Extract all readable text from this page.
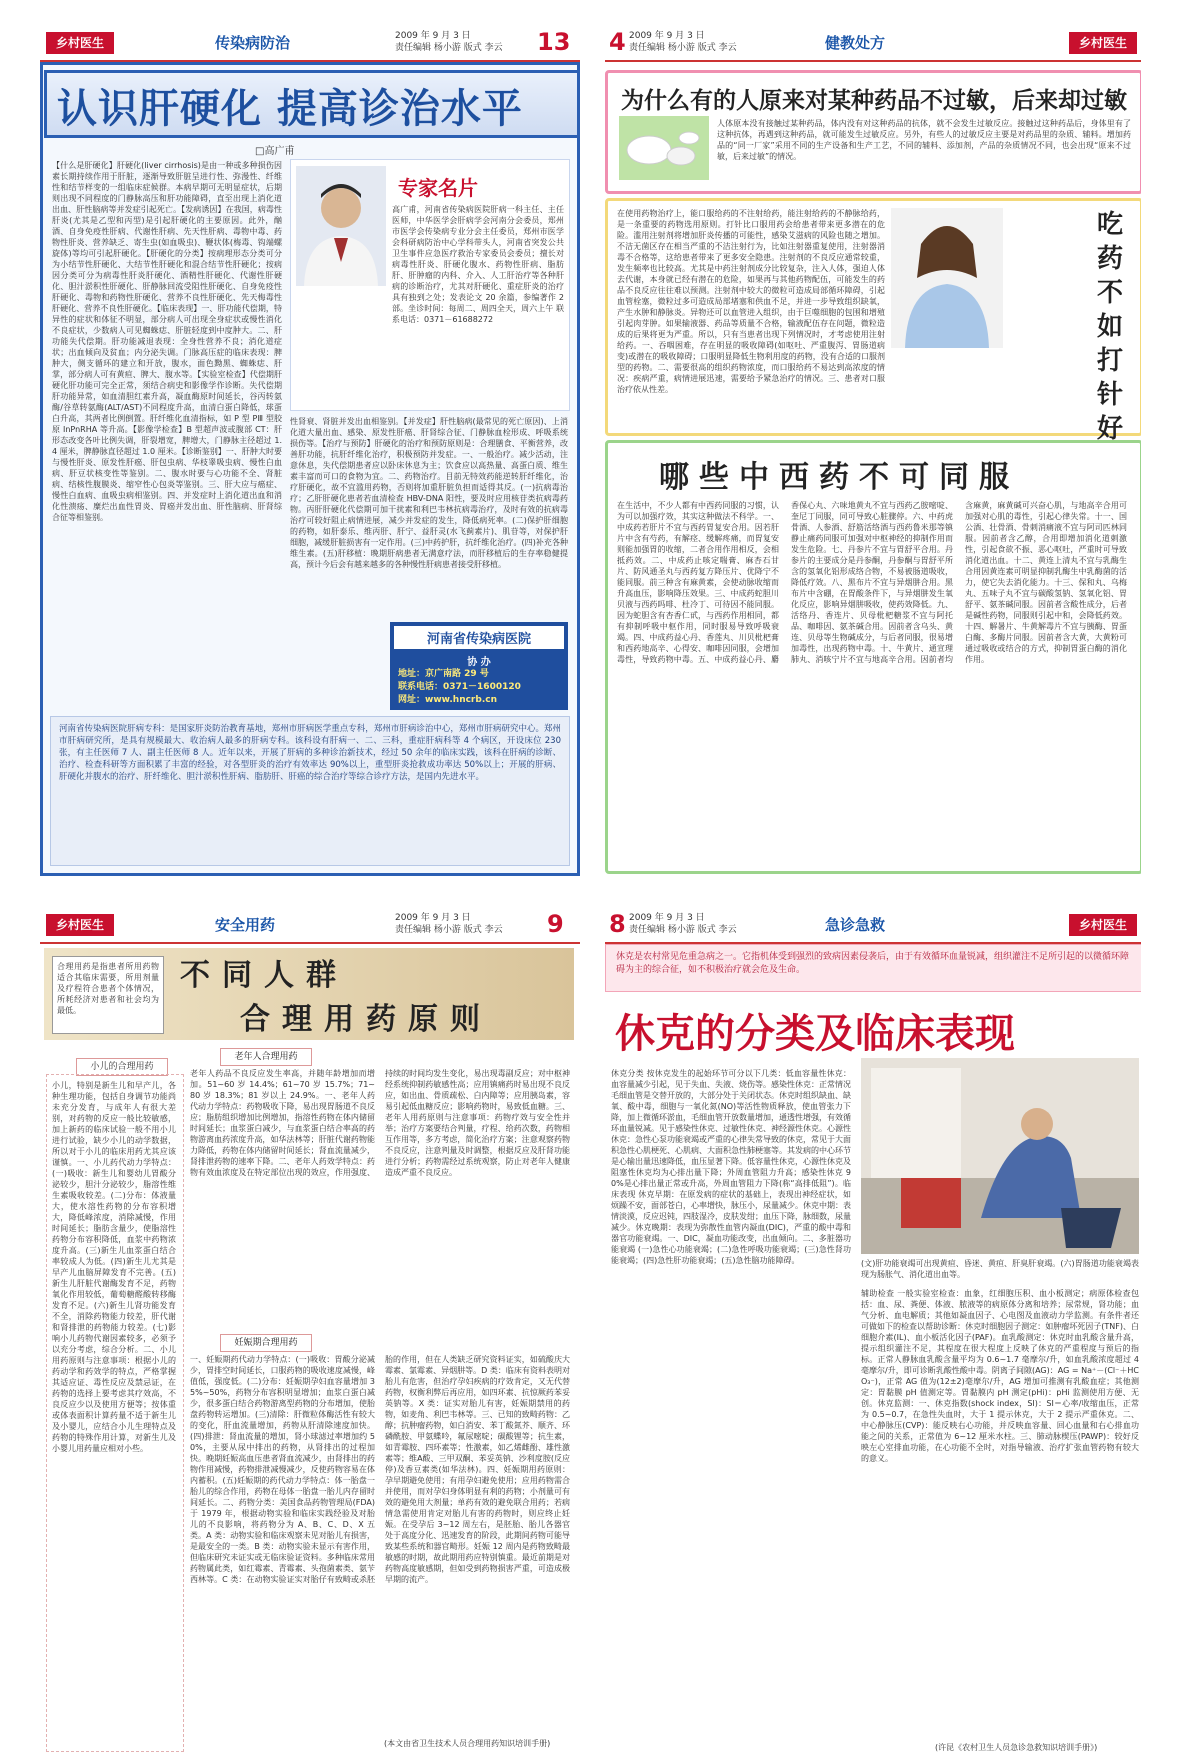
乡村医生	传染病防治	2009 年 9 月 3 日
责任编辑 杨小游 版式 李云	13
认识肝硬化 提高诊治水平
□高广甫
【什么是肝硬化】肝硬化(liver cirrhosis)是由一种或多种损伤因素长期持续作用于肝脏，逐渐导致肝脏呈进行性、弥漫性、纤维性和结节样变的一组临床症候群。本病早期可无明显症状，后期则出现不同程度的门静脉高压和肝功能障碍，直至出现上消化道出血、肝性脑病等并发症引起死亡。【发病诱因】在我国，病毒性肝炎(尤其是乙型和丙型)是引起肝硬化的主要原因。此外，酗酒、自身免疫性肝病、代谢性肝病、先天性肝病、毒物中毒、药物性肝炎、营养缺乏、寄生虫(如血吸虫)、鞭状体(梅毒、钩端螺旋体)等均可引起肝硬化。【肝硬化的分类】按病理形态分类可分为小结节性肝硬化、大结节性肝硬化和混合结节性肝硬化；按病因分类可分为病毒性肝炎肝硬化、酒精性肝硬化、代谢性肝硬化、胆汁淤积性肝硬化、肝静脉回流受阻性肝硬化、自身免疫性肝硬化、毒物和药物性肝硬化、营养不良性肝硬化、先天梅毒性肝硬化、营养不良性肝硬化。【临床表现】一、肝功能代偿期，特异性的症状和体征不明显，部分病人可出现全身症状或慢性消化不良症状，少数病人可见蜘蛛痣、肝脏轻度到中度肿大。二、肝功能失代偿期。肝功能减退表现：全身性营养不良；消化道症状；出血倾向及贫血；内分泌失调。门脉高压症的临床表现：脾肿大，侧支循环的建立和开放，腹水，面色黝黑、蜘蛛痣、肝掌，部分病人可有黄疸、脾大、腹水等。【实验室检查】代偿期肝硬化肝功能可完全正常，须结合病史和影像学作诊断。失代偿期肝功能异常，如血清胆红素升高，凝血酶原时间延长，谷丙转氨酶/谷草转氨酶(ALT/AST)不同程度升高，血清白蛋白降低，球蛋白升高，其两者比例倒置。肝纤维化血清指标，如 P 型 PⅢ 型胶原 InPnRHA 等升高。【影像学检查】B 型超声波或腹部 CT：肝形态改变各叶比例失调，肝裂增宽，脾增大，门静脉主径超过 1.4 厘米，脾静脉直径超过 1.0 厘米。【诊断鉴别】一、肝肿大时要与慢性肝炎、原发性肝癌、肝包虫病、华枝睾吸虫病、慢性白血病、肝豆状核变性等鉴别。二、腹水时要与心功能不全、肾脏病、结核性腹膜炎、缩窄性心包炎等鉴别。三、肝大应与癌症、慢性白血病、血吸虫病相鉴别。四、并发症时上消化道出血和消化性溃疡、糜烂出血性胃炎、胃癌并发出血、肝性脑病、肝肾综合征等相鉴别。
专家名片
高广甫，河南省传染病医院肝病一科主任、主任医师，中华医学会肝病学会河南分会委员，郑州市医学会传染病专业分会主任委员，郑州市医学会科研病防治中心学科带头人，河南省突发公共卫生事件应急医疗救治专家委员会委员；擅长对病毒性肝炎、肝硬化腹水、药物性肝病、脂肪肝、肝肿瘤的内科、介入、人工肝治疗等各种肝病的诊断治疗，尤其对肝硬化、重症肝炎的治疗具有独到之处；发表论文 20 余篇，参编著作 2 部。坐诊时间：每周二、周四全天，周六上午 联系电话：0371－61688272
性肾衰、肾脏并发出血相鉴别。【并发症】肝性脑病(最常见的死亡原因)、上消化道大量出血、感染、原发性肝癌、肝肾综合征、门静脉血栓形成、呼吸系统损伤等。【治疗与预防】肝硬化的治疗和预防原则是：合理膳食、平衡营养，改善肝功能，抗肝纤维化治疗，积极预防并发症。一、一般治疗。减少活动，注意休息，失代偿期患者应以卧床休息为主；饮食应以高热量、高蛋白质、维生素丰富而可口的食物为宜。二、药物治疗。目前无特效药能逆转肝纤维化，治疗肝硬化，故不宜滥用药物，否则将加重肝脏负担而适得其反。(一)抗病毒治疗；乙肝肝硬化患者若血清检查 HBV-DNA 阳性，要及时应用核苷类抗病毒药物。丙肝肝硬化代偿期可加干扰素和利巴韦林抗病毒治疗，及时有效的抗病毒治疗可较好阻止病情进展，减少并发症的发生，降低病死率。(二)保护肝细胞的药物，如肝泰乐、维丙肝、肝宁、益肝灵(水飞蓟素片)、肌苷等，对保护肝细胞，减缓肝脏损害有一定作用。(三)中药护肝，抗纤维化治疗。(四)补充各种维生素。(五)肝移植：晚期肝病患者无满意疗法，而肝移植后的生存率稳健提高，预计今后会有越来越多的各种慢性肝病患者接受肝移植。
河南省传染病医院
协 办
地址：京广南路 29 号
联系电话：0371－1600120
网址：www.hncrb.cn
河南省传染病医院肝病专科：是国家肝炎防治教育基地，郑州市肝病医学重点专科，郑州市肝病诊治中心，郑州市肝病研究中心。郑州市肝病研究所，是具有规模最大、收治病人最多的肝病专科。该科设有肝病一、二、三科，重症肝病科等 4 个病区，开设床位 230 张，有主任医师 7 人、副主任医师 8 人。近年以来，开展了肝病的多种诊治新技术，经过 50 余年的临床实践，该科在肝病的诊断、治疗、检查科研等方面积累了丰富的经验，对各型肝炎的治疗有效率达 90%以上，重型肝炎抢救成功率达 50%以上；开展的肝病、肝硬化并腹水的治疗、肝纤维化、胆汁淤积性肝病、脂肪肝、肝癌的综合治疗等综合诊疗方法，是国内先进水平。
4 2009 年 9 月 3 日
责任编辑 杨小游 版式 李云	健教处方	乡村医生
为什么有的人原来对某种药品不过敏，后来却过敏
人体原本没有接触过某种药品，体内没有对这种药品的抗体，就不会发生过敏反应。接触过这种药品后，身体里有了这种抗体，再遇到这种药品，就可能发生过敏反应。另外，有些人的过敏反应主要是对药品里的杂质、辅料。增加药品的“同一厂家”采用不同的生产设备和生产工艺，不同的辅料、添加剂，产品的杂质情况不同，也会出现“原来不过敏，后来过敏”的情况。
在使用药物治疗上，能口服给药的不注射给药，能注射给药的不静脉给药，是一条重要的药物选用原则。打针比口服用药会给患者带来更多潜在的危险。滥用注射剂将增加肝炎传播的可能性，感染艾滋病的风险也随之增加。不洁无菌区存在相当严重的不洁注射行为，比如注射器重复使用，注射器消毒不合格等，这给患者带来了更多安全隐患。注射剂的不良反应通常较重，发生频率也比较高。尤其是中药注射剂成分比较复杂，注入人体，强迫人体去代谢，本身就已经有潜在的危险，如果再与其他药物配伍，可能发生的药品不良反应往往难以预测。注射剂中较大的微粒可造成局部循环障碍，引起血管栓塞，微粒过多可造成局部堵塞和供血不足，并进一步导致组织缺氧，产生水肿和静脉炎。异物还可以血管进入组织，由于巨噬细胞的包围和增殖引起肉芽肿。如果输液器、药品等质量不合格，输液配伍存在问题，微粒造成的后果将更为严重。所以，只有当患者出现下列情况时，才考虑使用注射给药。一、吞咽困难，存在明显的吸收障碍(如呕吐、严重腹泻、胃肠道病变)或潜在的吸收障碍；口服明显降低生物利用度的药物，没有合适的口服剂型的药物。二、需要很高的组织药物浓度，而口服给药不易达到高浓度的情况：疾病严重，病情进展迅速，需要给予紧急治疗的情况。三、患者对口服治疗依从性差。
吃
药
不
如
打
针
好
哪些中西药不可同服
在生活中，不少人都有中西药同服的习惯，认为可以加强疗效，其实这种做法不科学。一、中成药若肝片不宜与西药胃复安合用。因若肝片中含有芍药，有解痉、缓解疼痛，而胃复安则能加强胃的收缩，二者合用作用相反，会相抵药效。二、中成药止咳定喘膏、麻杏石甘片、防风通圣丸与西药复方降压片、优降宁不能同服。前三种含有麻黄素，会使动脉收缩而升高血压，影响降压效果。三、中成药蛇胆川贝液与西药吗啡、杜冷丁、可待因不能同服。因为蛇胆含有杏香仁甙，与西药作用相同，都有抑制呼吸中枢作用，同时服易导致呼吸衰竭。四、中成药益心丹、香莲丸、川贝枇杷膏和西药地高辛、心得安、咖啡因同服，会增加毒性，导致药物中毒。五、中成药益心丹、麝香保心丸、六味地黄丸不宜与西药乙胺嘧啶、奎尼丁同服，同可导致心脏骤停。六、中药虎骨酒、人参酒、舒筋活络酒与西药鲁米那等镇静止痛药同服可加强对中枢神经的抑制作用而发生危险。七、丹参片不宜与胃舒平合用。丹参片的主要成分是丹参酮，丹参酮与胃舒平所含的氢氧化铝形成络合物，不易被肠道吸收，降低疗效。八、黑布片不宜与异烟肼合用。黑布片中含硼，在胃酸条件下，与异烟肼发生氧化反应，影响异烟肼吸收，使药效降低。九、活络丹、香连片、贝母枇杷糖浆不宜与阿托品、咖啡因、氨茶碱合用。因前者含乌头、黄连、贝母等生物碱成分，与后者同服，很易增加毒性，出现药物中毒。十、牛黄片、通宣理肺丸、消咳宁片不宜与地高辛合用。因前者均含麻黄，麻黄碱可兴奋心肌，与地高辛合用可加强对心肌的毒性，引起心律失常。十一、国公酒、壮骨酒、骨刺消痛液不宜与阿司匹林同服。因前者含乙醇，合用即增加消化道刺激性，引起食欲不振、恶心呕吐，严重时可导致消化道出血。十二、黄连上清丸不宜与乳酶生合用因黄连素可明显抑制乳酶生中乳酶菌的活力，使它失去消化能力。十三、保和丸、乌梅丸、五味子丸不宜与碳酸氢钠、氢氧化铝、胃舒平、氨茶碱同服。因前者含酸性成分，后者是碱性药物，同服则引起中和，会降低药效。十四、解暑片、牛黄解毒片不宜与胰酶、胃蛋白酶、多酶片同服。因前者含大黄，大黄粉可通过吸收或结合的方式，抑制胃蛋白酶的消化作用。
乡村医生	安全用药	2009 年 9 月 3 日
责任编辑 杨小游 版式 李云	9
合理用药是指患者所用药物适合其临床需要，所用剂量及疗程符合患者个体情况，所耗经济对患者和社会均为最低。
不同人群
合理用药原则
小儿的合理用药
小儿，特别是新生儿和早产儿，各种生理功能，包括自身调节功能尚未充分发育，与成年人有很大差别，对药物的反应一般比较敏感，加上新药的临床试验一般不用小儿进行试验，缺少小儿的动学数据，所以对于小儿的临床用药尤其应该谨慎。一、小儿药代动力学特点：(一)吸收：新生儿和婴幼儿胃酸分泌较少，胆汁分泌较少，脂溶性维生素吸收较差。(二)分布：体液量大，使水溶性药物的分布容积增大，降低峰浓度，消除减慢，作用时间延长；脂肪含量少，使脂溶性药物分布容积降低，血浆中药物浓度升高。(三)新生儿血浆蛋白结合率较成人为低。(四)新生儿尤其是早产儿血脑屏障发育不完善。(五)新生儿肝脏代谢酶发育不足，药物氧化作用较低，葡萄糖醛酸转移酶发育不足。(六)新生儿肾功能发育不全，消除药物能力较差，肝代谢和肾排泄的药物能力较差。(七)影响小儿药物代谢因素较多，必须予以充分考虑，综合分析。二、小儿用药原则与注意事项：根据小儿的药动学和药效学的特点，严格掌握其适应证、毒性反应及禁忌证，在药物的选择上要考虑其疗效高，不良反应少以及使用方便等；按体重或体表面积计算药量不适于新生儿及小婴儿，应结合小儿生理特点及药物的特殊作用计算，对新生儿及小婴儿用药量应相对小些。
老年人合理用药
老年人药品不良反应发生率高，并随年龄增加而增加。51~60 岁 14.4%；61~70 岁 15.7%；71~80 岁 18.3%；81 岁以上 24.9%。一、老年人药代动力学特点：药物吸收下降，易出现胃肠道不良反应；脂肪组织增加比例增加，指溶性药物在体内储留时间延长；血浆蛋白减少，与血浆蛋白结合率高的药物游离血药浓度升高，如华法林等；肝脏代谢药物能力降低，药物在体内储留时间延长；肾血流量减少，肾排泄药物的速率下降。二、老年人药效学特点：药物有效血浓度及在特定部位出现的效应，作用强度、持续的时间均发生变化，易出现毒副反应；对中枢神经系统抑制药敏感性高；应用镇痛药时易出现不良反应，如出血、骨质疏松、白内障等；应用胰岛素，容易引起低血糖反应；影响药物时，易致低血糖。三、老年人用药原则与注意事项：药物疗效与安全性并举；治疗方案要结合判量，疗程、给药次数，药物相互作用等，多方考虑，简化治疗方案；注意观察药物不良反应，注意判量及时调整，根据反应及肝肾功能进行分析；药物需经过系统观察，防止对老年人健康造成严重不良反应。
妊娠期合理用药
一、妊娠期药代动力学特点：(一)吸收：胃酸分泌减少，胃排空时间延长，口服药物的吸收速度减慢，峰值低，强度低。(二)分布：妊娠期孕妇血容量增加 35%~50%，药物分布容积明显增加；血浆白蛋白减少，很多蛋白结合药物游离型药物的分布增加，使胎盘药物转运增加。(三)清除：肝微粒体酶活性有较大的变化，肝血流量增加，药物从肝清除速度加快。(四)排泄：肾血流量的增加，肾小球滤过率增加约 50%，主要从尿中排出的药物，从肾排出的过程加快。晚期妊娠高血压患者肾血流减少，由肾排出的药物作用减慢，药物排泄减慢减少，反使药物容易在体内蓄积。(五)妊娠期的药代动力学特点：体一胎盘一胎儿的综合作用，药物在母体一胎盘一胎儿内存留时间延长。二、药物分类：美国食品药物管理局(FDA)于 1979 年，根据动物实验和临床实践经验及对胎儿的不良影响，将药物分为 A、B、C、D、X 五类。A 类：动物实验和临床观察未见对胎儿有损害，是最安全的一类。B 类：动物实验未显示有害作用，但临床研究未证实或无临床验证资料。多种临床常用药物属此类，如红霉素、青霉素、头孢菌素类、氨苄西林等。C 类：在动物实验证实对胎仔有致畸或杀胚胎的作用，但在人类缺乏研究资料证实，如硫酸庆大霉素、氯霉素、异烟肼等。D 类：临床有资料表明对胎儿有危害，但治疗孕妇疾病的疗效肯定，又无代替药物，权衡利弊后再应用，如四环素、抗惊厥药苯妥英钠等。X 类：证实对胎儿有害，妊娠期禁用的药物，如麦角、利巴韦林等。三、已知的致畸药物：乙醇；抗肿瘤药物，如白消安、苯丁酸氮芥、顺齐、环磷酰胺、甲氨蝶呤，氟尿嘧啶；碳酸锂等；抗生素，如青霉胺、四环素等；性激素，如乙烯雌酚、雄性激素等；维A酸、三甲双酮、苯妥英钠、沙利度胺(反应停)及香豆素类(如华法林)。四、妊娠期用药原则：孕早期避免使用；有用孕妇避免使用；应用药物需合并使用，而对孕妇身体明显有利的药物；小剂量可有效的避免用大剂量；单药有效的避免联合用药；若病情急需使用肯定对胎儿有害的药物时，则应终止妊娠。在受孕后 3~12 周左右，是胚胎、胎儿各器官处于高度分化、迅速发育的阶段，此期间药物可能导致某些系统和器官畸形。妊娠 12 周内是药物致畸最敏感的时期，故此期用药应特别慎重。最近前期是对药物高度敏感期，但如受到药物损害严重，可造成极早期的流产。
(本文由省卫生技术人员合理用药知识培训手册)
8 2009 年 9 月 3 日
责任编辑 杨小游 版式 李云	急诊急救	乡村医生

休克是农村常见危重急病之一。它指机体受到强烈的致病因素侵袭后，由于有效循环血量锐减，组织灌注不足所引起的以微循环障碍为主的综合征，如不积极治疗就会危及生命。

休克的分类及临床表现
休克分类 按休克发生的起始环节可分以下几类：低血容量性休克：血容量减少引起，见于失血、失液、烧伤等。感染性休克：正常情况毛细血管是交替开放的，大部分处于关闭状态。休克时组织缺血、缺氧、酸中毒，细胞与一氧化氮(NO)等活性物质释放，使血管张力下降，加上微循环淤血，毛细血管开放数量增加，通透性增强，有效循环血量锐减。见于感染性休克、过敏性休克、神经源性休克。心源性休克：急性心泵功能衰竭或严重的心律失常导致的休克，常见于大面积急性心肌梗死、心肌病、大面积急性肺梗塞等。其发病的中心环节是心输出量迅速降低，血压显著下降。低容量性休克，心源性休克及阻塞性休克均为心排出量下降；外周血管阻力升高；感染性休克 90%是心排出量正常或升高，外周血管阻力下降(称“高排低阻”)。临床表现 休克早期：在原发病的症状的基础上，表现出神经症状，如烦躁不安，面部苍白，心率增快，脉压小，尿量减少。休克中期：表情淡漠，反应迟钝，四肢湿冷，皮肤发绀；血压下降，脉细数，尿量减少。休克晚期：表现为弥散性血管内凝血(DIC)，严重的酸中毒和器官功能衰竭。一、DIC，凝血功能改变，出血倾向。二、多脏器功能衰竭 (一)急性心功能衰竭；(二)急性呼吸功能衰竭；(三)急性肾功能衰竭；(四)急性肝功能衰竭；(五)急性脑功能障碍。	(文)肝功能衰竭可出现黄疸、昏迷、黄疸、肝臭肝衰竭。(六)胃肠道功能衰竭表现为肠胀气、消化道出血等。
辅助检查 一般实验室检查：血象，红细胞压积、血小板测定；病原体检查包括：血、尿、粪便、体液、脓液等的病原体分离和培养；尿常规，肾功能；血气分析、血电解质；其他如凝血因子、心电图及血液动力学监测。有条件者还可做如下的检查以帮助诊断：休克时细胞因子测定：如肿瘤坏死因子(TNF)、白细胞介素(IL)、血小板活化因子(PAF)。血乳酸测定：休克时血乳酸含量升高，提示组织灌注不足，其程度在很大程度上反映了休克的严重程度与预后的指标。正常人静脉血乳酸含量平均为 0.6~1.7 毫摩尔/升，如血乳酸浓度超过 4 毫摩尔/升，即可诊断乳酸性酸中毒。阴离子间隙(AG)：AG = Na⁺－(Cl⁻＋HCO₃⁻)，正常 AG 值为(12±2)毫摩尔/升，AG 增加可推测有乳酸血症；其他测定：胃黏膜 pH 值测定等。胃黏膜内 pH 测定(pHi)：pHi 监测使用方便、无创。休克监测：一、休克指数(shock index，SI)：SI＝心率/收缩血压，正常为 0.5~0.7，在急性失血时，大于 1 提示休克，大于 2 提示严重休克。二、中心静脉压(CVP)：能反映右心功能，并反映血容量、回心血量和右心排血功能之间的关系，正常值为 6~12 厘米水柱。三、肺动脉楔压(PAWP)：较好反映左心室排血功能，在心功能不全时，对指导输液、治疗扩张血管药物有较大的意义。
(许昆《农村卫生人员急诊急救知识培训手册》)
